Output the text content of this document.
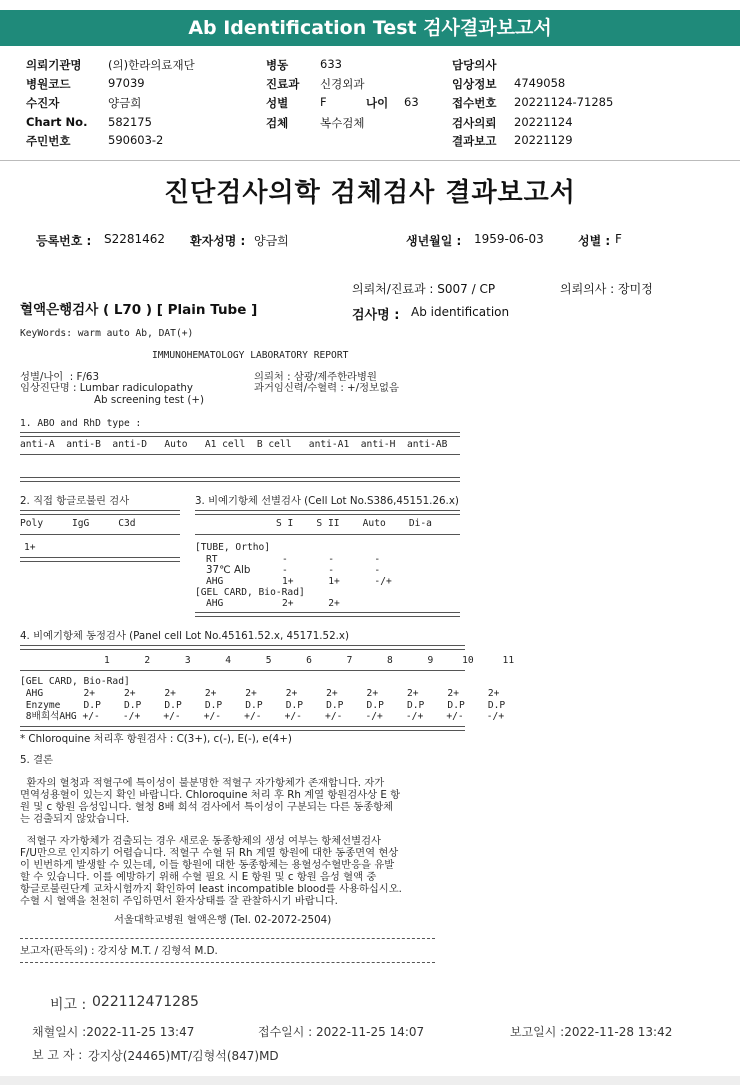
Ab Identification Test 검사결과보고서
의뢰기관명 (의)한라의료재단
병원코드	97039
수진자	양금희
Chart No. 582175
주민번호	590603-2
병동	633
진료과 신경외과
성별	F	나이 63
검체	복수검체
담당의사
임상정보 4749058
접수번호 20221124-71285
검사의뢰 20221124
결과보고 20221129
진단검사의학 검체검사 결과보고서
등록번호 : S2281462 환자성명 : 양금희	생년월일 : 1959-06-03	성별 : F
의뢰처/진료과 : S007 / CP	의뢰의사 : 장미정
혈액은행검사 ( L70 ) [ Plain Tube ]	검사명 : Ab identification
KeyWords: warm auto Ab, DAT(+)
IMMUNOHEMATOLOGY LABORATORY REPORT
성별/나이  : F/63
임상진단명 : Lumbar radiculopathy
Ab screening test (+)
의뢰처 : 삼광/제주한라병원
과거임신력/수혈력 : +/정보없음
1. ABO and RhD type :
anti-A  anti-B  anti-D   Auto   A1 cell  B cell   anti-A1  anti-H  anti-AB
2. 직접 항글로불린 검사
Poly     IgG     C3d
1+
3. 비예기항체 선별검사 (Cell Lot No.S386,45151.26.x)
S I    S II    Auto    Di-a
[TUBE, Ortho]
RT	-       -       -
37℃ Alb	-       -       -
AHG	1+      1+      -/+
[GEL CARD, Bio-Rad]
AHG	2+      2+
4. 비예기항체 동정검사 (Panel cell Lot No.45161.52.x, 45171.52.x)
1      2      3      4      5      6      7      8      9     10     11
[GEL CARD, Bio-Rad]
AHG       2+     2+     2+     2+     2+     2+     2+     2+     2+     2+     2+
Enzyme    D.P    D.P    D.P    D.P    D.P    D.P    D.P    D.P    D.P    D.P    D.P
8배희석AHG +/-    -/+    +/-    +/-    +/-    +/-    +/-    -/+    -/+    +/-    -/+
* Chloroquine 처리후 항원검사 : C(3+), c(-), E(-), e(4+)
5. 결론
환자의 혈청과 적혈구에 특이성이 불분명한 적혈구 자가항체가 존재합니다. 자가
면역성용혈이 있는지 확인 바랍니다. Chloroquine 처리 후 Rh 계열 항원검사상 E 항
원 및 c 항원 음성입니다. 혈청 8배 희석 검사에서 특이성이 구분되는 다른 동종항체
는 검출되지 않았습니다.
적혈구 자가항체가 검출되는 경우 새로운 동종항체의 생성 여부는 항체선별검사
F/U만으로 인지하기 어렵습니다. 적혈구 수혈 뒤 Rh 계열 항원에 대한 동종면역 현상
이 빈번하게 발생할 수 있는데, 이들 항원에 대한 동종항체는 용혈성수혈반응을 유발
할 수 있습니다. 이를 예방하기 위해 수혈 필요 시 E 항원 및 c 항원 음성 혈액 중
항글로불린단계 교차시험까지 확인하여 least incompatible blood를 사용하십시오.
수혈 시 혈액을 천천히 주입하면서 환자상태를 잘 관찰하시기 바랍니다.
서울대학교병원 혈액은행 (Tel. 02-2072-2504)
보고자(판독의) : 강지상 M.T. / 김형석 M.D.
비고 : 022112471285
채혈일시 :2022-11-25 13:47	접수일시 : 2022-11-25 14:07	보고일시 :2022-11-28 13:42
보 고 자 : 강지상(24465)MT/김형석(847)MD
